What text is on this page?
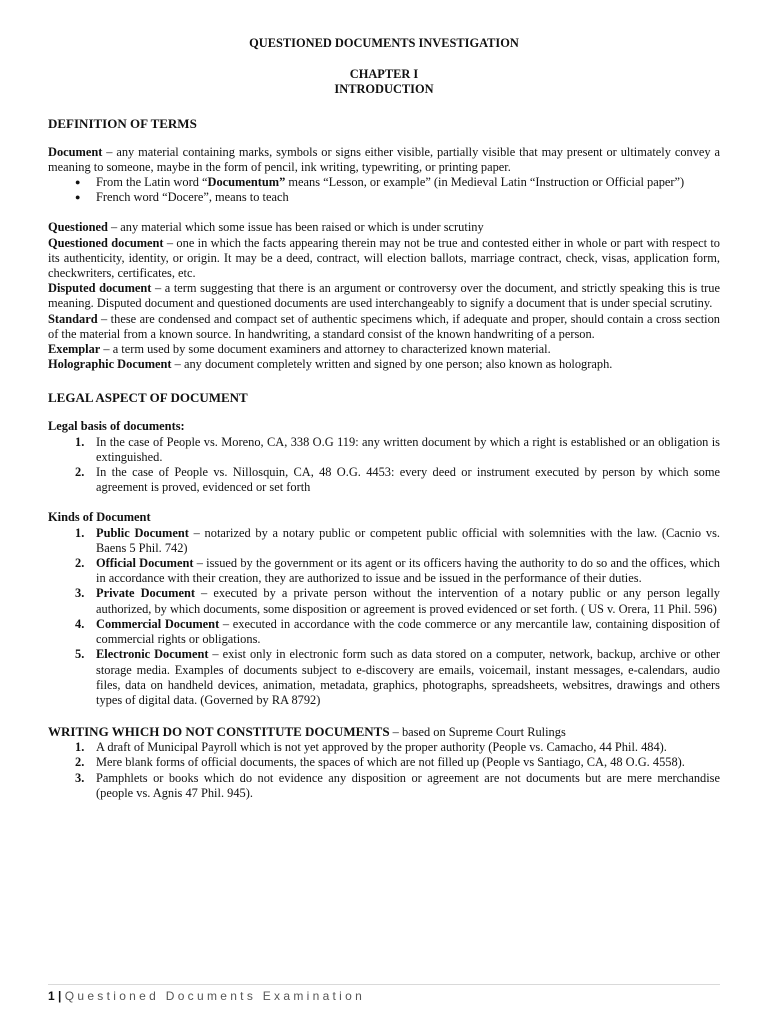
QUESTIONED DOCUMENTS INVESTIGATION

CHAPTER I

INTRODUCTION

DEFINITION OF TERMS

Document – any material containing marks, symbols or signs either visible, partially visible that may present or ultimately convey a meaning to someone, maybe in the form of pencil, ink writing, typewriting, or printing paper.

● From the Latin word “Documentum” means “Lesson, or example” (in Medieval Latin “Instruction or Official paper”)
● French word “Docere”, means to teach

Questioned – any material which some issue has been raised or which is under scrutiny

Questioned document – one in which the facts appearing therein may not be true and contested either in whole or part with respect to its authenticity, identity, or origin. It may be a deed, contract, will election ballots, marriage contract, check, visas, application form, checkwriters, certificates, etc.

Disputed document – a term suggesting that there is an argument or controversy over the document, and strictly speaking this is true meaning. Disputed document and questioned documents are used interchangeably to signify a document that is under special scrutiny.

Standard – these are condensed and compact set of authentic specimens which, if adequate and proper, should contain a cross section of the material from a known source. In handwriting, a standard consist of the known handwriting of a person.

Exemplar – a term used by some document examiners and attorney to characterized known material.

Holographic Document – any document completely written and signed by one person; also known as holograph.

LEGAL ASPECT OF DOCUMENT

Legal basis of documents:

1. In the case of People vs. Moreno, CA, 338 O.G 119: any written document by which a right is established or an obligation is extinguished.
2. In the case of People vs. Nillosquin, CA, 48 O.G. 4453: every deed or instrument executed by person by which some agreement is proved, evidenced or set forth

Kinds of Document

1. Public Document – notarized by a notary public or competent public official with solemnities with the law. (Cacnio vs. Baens 5 Phil. 742)
2. Official Document – issued by the government or its agent or its officers having the authority to do so and the offices, which in accordance with their creation, they are authorized to issue and be issued in the performance of their duties.
3. Private Document – executed by a private person without the intervention of a notary public or any person legally authorized, by which documents, some disposition or agreement is proved evidenced or set forth. ( US v. Orera, 11 Phil. 596)
4. Commercial Document – executed in accordance with the code commerce or any mercantile law, containing disposition of commercial rights or obligations.
5. Electronic Document – exist only in electronic form such as data stored on a computer, network, backup, archive or other storage media. Examples of documents subject to e-discovery are emails, voicemail, instant messages, e-calendars, audio files, data on handheld devices, animation, metadata, graphics, photographs, spreadsheets, websitres, drawings and others types of digital data. (Governed by RA 8792)
WRITING WHICH DO NOT CONSTITUTE DOCUMENTS – based on Supreme Court Rulings
1. A draft of Municipal Payroll which is not yet approved by the proper authority (People vs. Camacho, 44 Phil. 484).
2. Mere blank forms of official documents, the spaces of which are not filled up (People vs Santiago, CA, 48 O.G. 4558).
3. Pamphlets or books which do not evidence any disposition or agreement are not documents but are mere merchandise (people vs. Agnis 47 Phil. 945).
1 | Questioned Documents Examination
